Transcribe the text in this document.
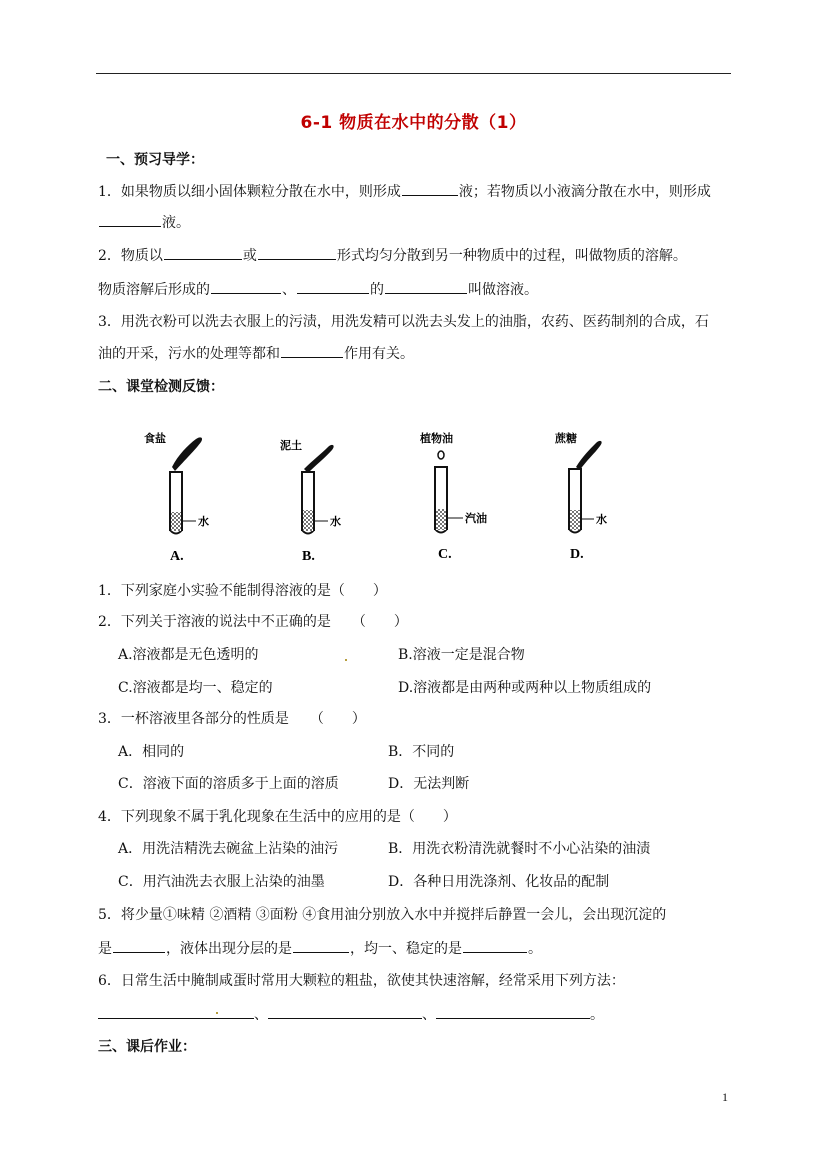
6-1 物质在水中的分散（1）
一、预习导学：
1．如果物质以细小固体颗粒分散在水中，则形成	液；若物质以小液滴分散在水中，则形成
液。
2．物质以	或	形式均匀分散到另一种物质中的过程，叫做物质的溶解。
物质溶解后形成的	、	的	叫做溶液。
3．用洗衣粉可以洗去衣服上的污渍，用洗发精可以洗去头发上的油脂，农药、医药制剂的合成，石
油的开采，污水的处理等都和	作用有关。
二、课堂检测反馈：
食盐
水
A.
泥土
水
B.
植物油
汽油
C.
蔗糖
水
D.
1．下列家庭小实验不能制得溶液的是（　　）
2．下列关于溶液的说法中不正确的是　　（　　）
A.溶液都是无色透明的	B.溶液一定是混合物
C.溶液都是均一、稳定的	D.溶液都是由两种或两种以上物质组成的
3．一杯溶液里各部分的性质是　　（　　）
A．相同的	B．不同的
C．溶液下面的溶质多于上面的溶质	D．无法判断
4．下列现象不属于乳化现象在生活中的应用的是（　　）
A．用洗洁精洗去碗盆上沾染的油污	B．用洗衣粉清洗就餐时不小心沾染的油渍
C．用汽油洗去衣服上沾染的油墨	D．各种日用洗涤剂、化妆品的配制
5．将少量①味精 ②酒精 ③面粉 ④食用油分别放入水中并搅拌后静置一会儿，会出现沉淀的
是	，液体出现分层的是	，均一、稳定的是	。
6．日常生活中腌制咸蛋时常用大颗粒的粗盐，欲使其快速溶解，经常采用下列方法：
、	、	。
三、课后作业：
1
